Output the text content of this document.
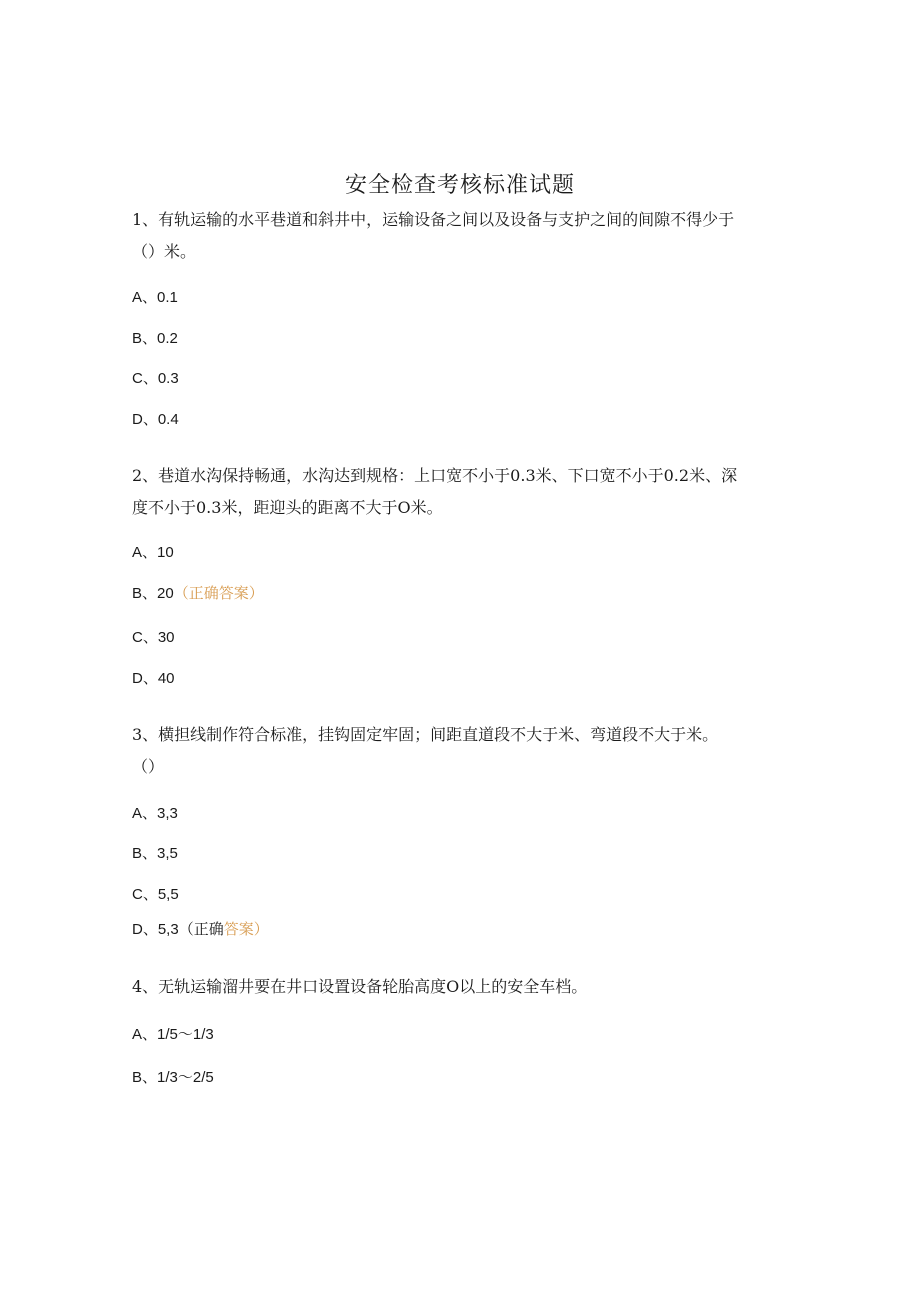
安全检查考核标准试题
1、有轨运输的水平巷道和斜井中，运输设备之间以及设备与支护之间的间隙不得少于
（）米。
A、0.1
B、0.2
C、0.3
D、0.4
2、巷道水沟保持畅通，水沟达到规格：上口宽不小于0.3米、下口宽不小于0.2米、深
度不小于0.3米，距迎头的距离不大于O米。
A、10
B、20（正确答案）
C、30
D、40
3、横担线制作符合标准，挂钩固定牢固；间距直道段不大于米、弯道段不大于米。
（）
A、3,3
B、3,5
C、5,5
D、5,3（正确答案）
4、无轨运输溜井要在井口设置设备轮胎高度O以上的安全车档。
A、1/5～1/3
B、1/3～2/5
